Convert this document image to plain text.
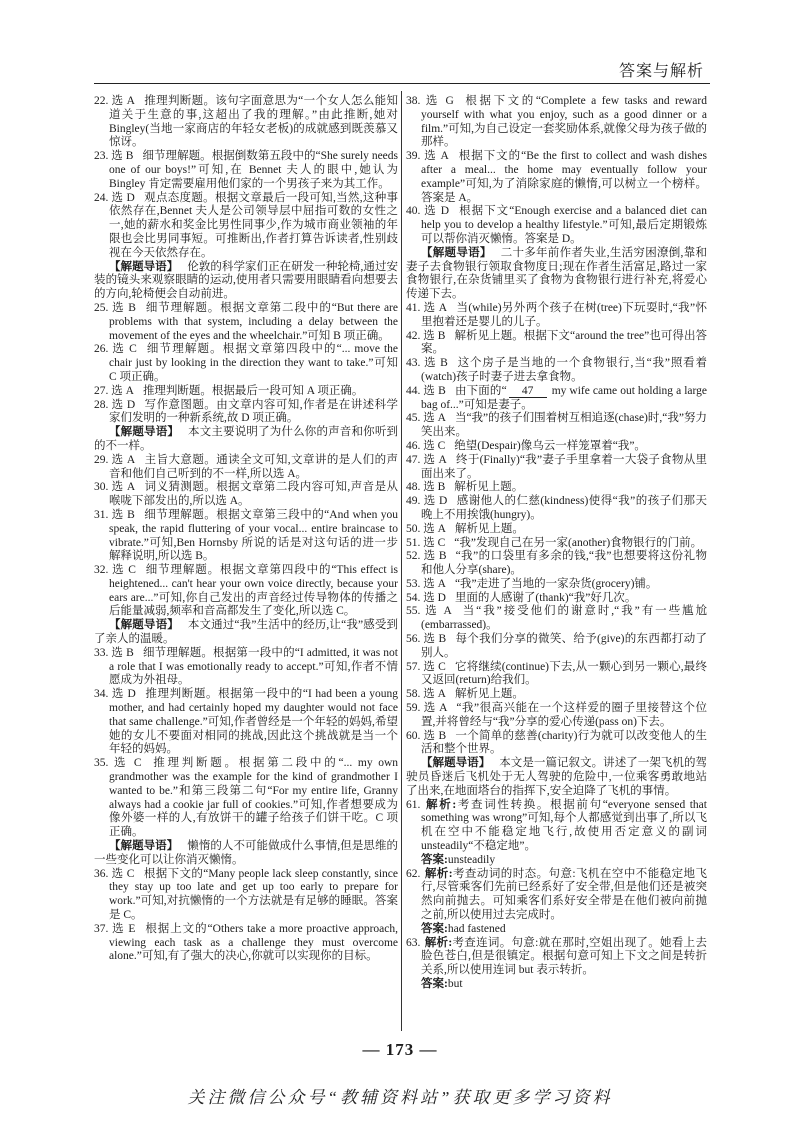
答案与解析

22. 选 A 推理判断题。该句字面意思为“一个女人怎么能知道关于生意的事,这超出了我的理解。”由此推断,她对 Bingley(当地一家商店的年轻女老板)的成就感到既羡慕又惊讶。

23. 选 B 细节理解题。根据倒数第五段中的“She surely needs one of our boys!”可知,在 Bennet 夫人的眼中,她认为 Bingley 肯定需要雇用他们家的一个男孩子来为其工作。

24. 选 D 观点态度题。根据文章最后一段可知,当然,这种事依然存在,Bennet 夫人是公司领导层中屈指可数的女性之一,她的薪水和奖金比男性同事少,作为城市商业领袖的年限也会比男同事短。可推断出,作者打算告诉读者,性别歧视在今天依然存在。

【解题导语】 伦敦的科学家们正在研发一种轮椅,通过安装的镜头来观察眼睛的运动,使用者只需要用眼睛看向想要去的方向,轮椅便会自动前进。

25. 选 B 细节理解题。根据文章第二段中的“But there are problems with that system, including a delay between the movement of the eyes and the wheelchair.”可知 B 项正确。

26. 选 C 细节理解题。根据文章第四段中的“... move the chair just by looking in the direction they want to take.”可知 C 项正确。

27. 选 A 推理判断题。根据最后一段可知 A 项正确。

28. 选 D 写作意图题。由文章内容可知,作者是在讲述科学家们发明的一种新系统,故 D 项正确。

【解题导语】 本文主要说明了为什么你的声音和你听到的不一样。

29. 选 A 主旨大意题。通读全文可知,文章讲的是人们的声音和他们自己听到的不一样,所以选 A。

30. 选 A 词义猜测题。根据文章第二段内容可知,声音是从喉咙下部发出的,所以选 A。

31. 选 B 细节理解题。根据文章第三段中的“And when you speak, the rapid fluttering of your vocal... entire braincase to vibrate.”可知,Ben Hornsby 所说的话是对这句话的进一步解释说明,所以选 B。

32. 选 C 细节理解题。根据文章第四段中的“This effect is heightened... can't hear your own voice directly, because your ears are...”可知,你自己发出的声音经过传导物体的传播之后能量减弱,频率和音高都发生了变化,所以选 C。

【解题导语】 本文通过“我”生活中的经历,让“我”感受到了亲人的温暖。

33. 选 B 细节理解题。根据第一段中的“I admitted, it was not a role that I was emotionally ready to accept.”可知,作者不情愿成为外祖母。

34. 选 D 推理判断题。根据第一段中的“I had been a young mother, and had certainly hoped my daughter would not face that same challenge.”可知,作者曾经是一个年轻的妈妈,希望她的女儿不要面对相同的挑战,因此这个挑战就是当一个年轻的妈妈。

35. 选 C 推理判断题。根据第二段中的“... my own grandmother was the example for the kind of grandmother I wanted to be.”和第三段第二句“For my entire life, Granny always had a cookie jar full of cookies.”可知,作者想要成为像外婆一样的人,有放饼干的罐子给孩子们饼干吃。C 项正确。

【解题导语】 懒惰的人不可能做成什么事情,但是思维的一些变化可以让你消灭懒惰。

36. 选 C 根据下文的“Many people lack sleep constantly, since they stay up too late and get up too early to prepare for work.”可知,对抗懒惰的一个方法就是有足够的睡眠。答案是 C。

37. 选 E 根据上文的“Others take a more proactive approach, viewing each task as a challenge they must overcome alone.”可知,有了强大的决心,你就可以实现你的目标。

38. 选 G 根据下文的“Complete a few tasks and reward yourself with what you enjoy, such as a good dinner or a film.”可知,为自己设定一套奖励体系,就像父母为孩子做的那样。

39. 选 A 根据下文的“Be the first to collect and wash dishes after a meal... the home may eventually follow your example”可知,为了消除家庭的懒惰,可以树立一个榜样。答案是 A。

40. 选 D 根据下文“Enough exercise and a balanced diet can help you to develop a healthy lifestyle.”可知,最后定期锻炼可以帮你消灭懒惰。答案是 D。

【解题导语】 二十多年前作者失业,生活穷困潦倒,靠和妻子去食物银行领取食物度日;现在作者生活富足,路过一家食物银行,在杂货铺里买了食物为食物银行进行补充,将爱心传递下去。

41. 选 A 当(while)另外两个孩子在树(tree)下玩耍时,“我”怀里抱着还是婴儿的儿子。

42. 选 B 解析见上题。根据下文“around the tree”也可得出答案。

43. 选 B 这个房子是当地的一个食物银行,当“我”照看着(watch)孩子时妻子进去拿食物。

44. 选 B 由下面的“ 47 my wife came out holding a large bag of...”可知是妻子。

45. 选 A 当“我”的孩子们围着树互相追逐(chase)时,“我”努力笑出来。

46. 选 C 绝望(Despair)像乌云一样笼罩着“我”。

47. 选 A 终于(Finally)“我”妻子手里拿着一大袋子食物从里面出来了。

48. 选 B 解析见上题。

49. 选 D 感谢他人的仁慈(kindness)使得“我”的孩子们那天晚上不用挨饿(hungry)。

50. 选 A 解析见上题。

51. 选 C “我”发现自己在另一家(another)食物银行的门前。

52. 选 B “我”的口袋里有多余的钱,“我”也想要将这份礼物和他人分享(share)。

53. 选 A “我”走进了当地的一家杂货(grocery)铺。

54. 选 D 里面的人感谢了(thank)“我”好几次。

55. 选 A 当“我”接受他们的谢意时,“我”有一些尴尬(embarrassed)。

56. 选 B 每个我们分享的微笑、给予(give)的东西都打动了别人。

57. 选 C 它将继续(continue)下去,从一颗心到另一颗心,最终又返回(return)给我们。

58. 选 A 解析见上题。

59. 选 A “我”很高兴能在一个这样爱的圈子里接替这个位置,并将曾经与“我”分享的爱心传递(pass on)下去。

60. 选 B 一个简单的慈善(charity)行为就可以改变他人的生活和整个世界。

【解题导语】 本文是一篇记叙文。讲述了一架飞机的驾驶员昏迷后飞机处于无人驾驶的危险中,一位乘客勇敢地站了出来,在地面塔台的指挥下,安全迫降了飞机的事情。

61. 解析:考查词性转换。根据前句“everyone sensed that something was wrong”可知,每个人都感觉到出事了,所以飞机在空中不能稳定地飞行,故使用否定意义的副词 unsteadily“不稳定地”。
答案:unsteadily

62. 解析:考查动词的时态。句意:飞机在空中不能稳定地飞行,尽管乘客们先前已经系好了安全带,但是他们还是被突然向前抛去。可知乘客们系好安全带是在他们被向前抛之前,所以使用过去完成时。
答案:had fastened

63. 解析:考查连词。句意:就在那时,空姐出现了。她看上去脸色苍白,但是很镇定。根据句意可知上下文之间是转折关系,所以使用连词 but 表示转折。
答案:but

— 173 —
关注微信公众号“教辅资料站”获取更多学习资料
